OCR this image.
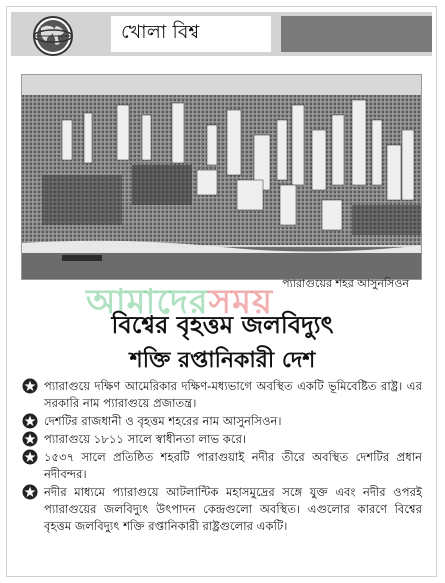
খোলা বিশ্ব
প্যারাগুয়ের শহর আসুনসিওন
আমাদেরসময়
বিশ্বের বৃহত্তম জলবিদ্যুৎ
শক্তি রপ্তানিকারী দেশ
প্যারাগুয়ে দক্ষিণ আমেরিকার দক্ষিণ-মধ্যভাগে অবস্থিত একটি ভূমিবেষ্টিত রাষ্ট্র। এর সরকারি নাম প্যারাগুয়ে প্রজাতন্ত্র।
দেশটির রাজধানী ও বৃহত্তম শহরের নাম আসুনসিওন।
প্যারাগুয়ে ১৮১১ সালে স্বাধীনতা লাভ করে।
১৫৩৭ সালে প্রতিষ্ঠিত শহরটি পারাগুয়াই নদীর তীরে অবস্থিত দেশটির প্রধান নদীবন্দর।
নদীর মাধ্যমে প্যারাগুয়ে আটলান্টিক মহাসমুদ্রের সঙ্গে যুক্ত এবং নদীর ওপরই প্যারাগুয়ের জলবিদ্যুৎ উৎপাদন কেন্দ্রগুলো অবস্থিত। এগুলোর কারণে বিশ্বের বৃহত্তম জলবিদ্যুৎ শক্তি রপ্তানিকারী রাষ্ট্রগুলোর একটি।
